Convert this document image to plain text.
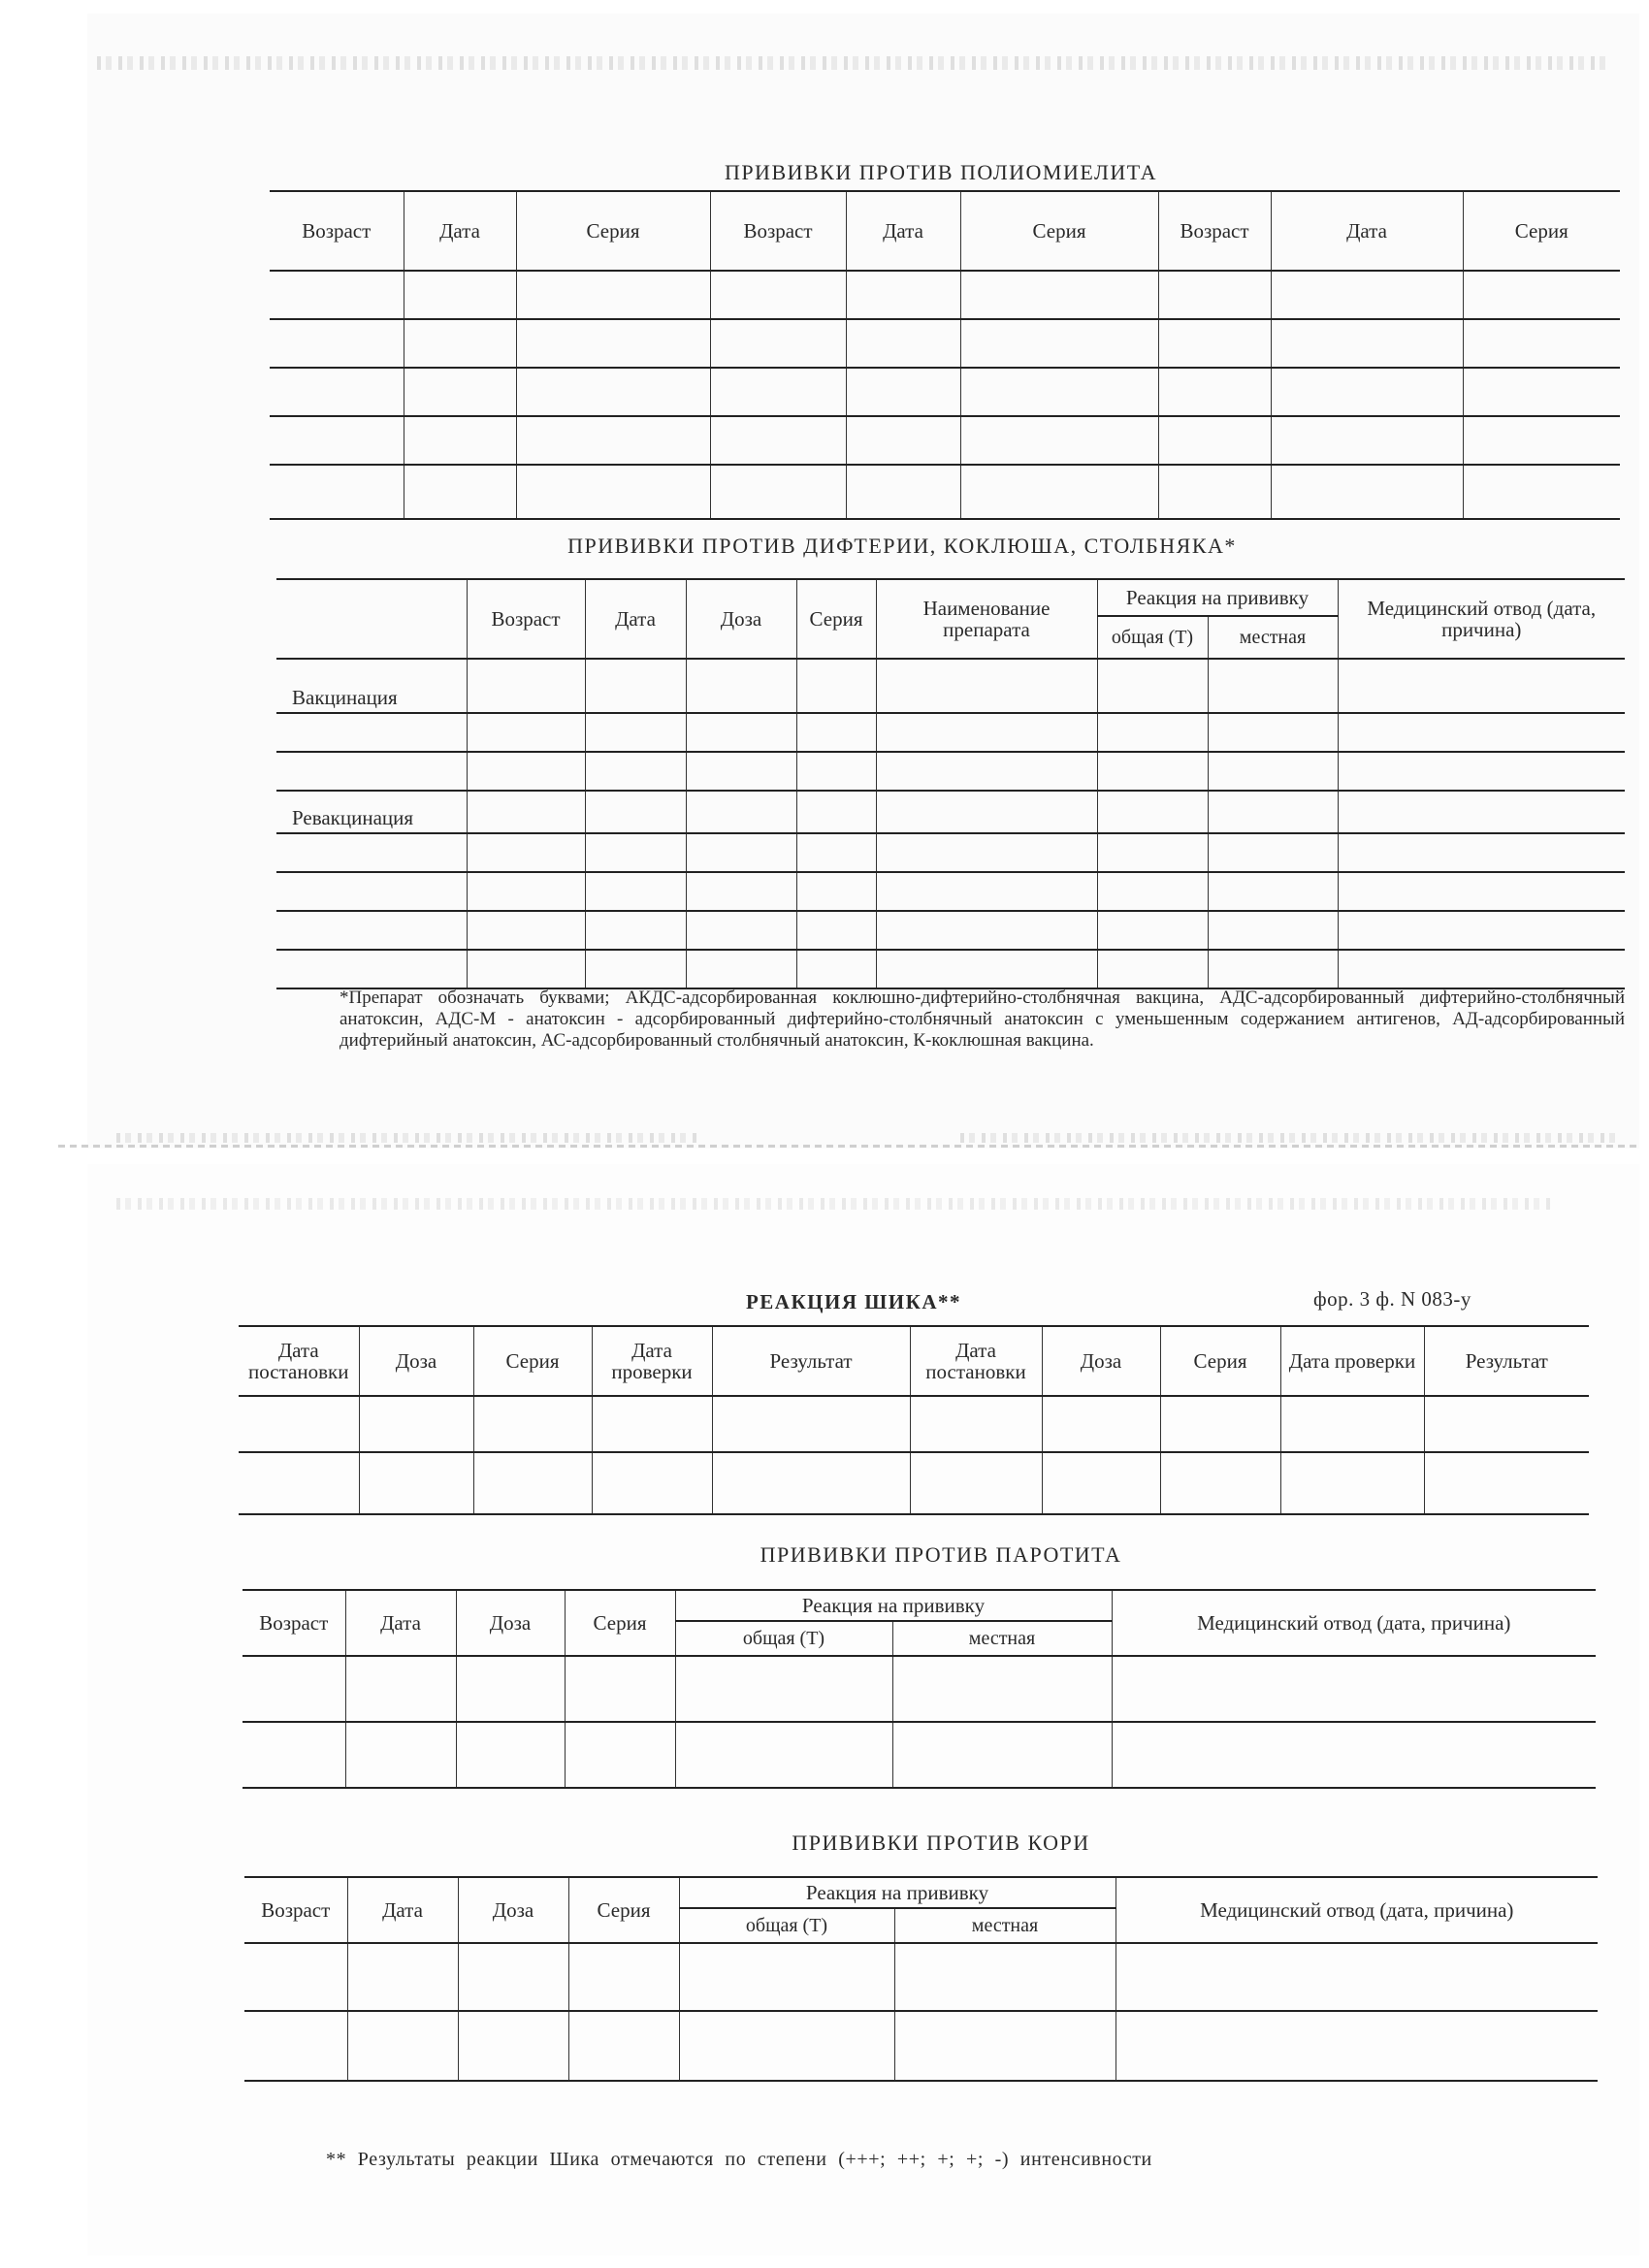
ПРИВИВКИ ПРОТИВ ПОЛИОМИЕЛИТА
Возраст	Дата	Серия	Возраст	Дата	Серия	Возраст	Дата	Серия

ПРИВИВКИ ПРОТИВ ДИФТЕРИИ, КОКЛЮША, СТОЛБНЯКА*
	Возраст	Дата	Доза	Серия	Наименование препарата	Реакция на прививку		Медицинский отвод (дата, причина)
						общая (Т)	местная	
Вакцинация								

Ревакцинация								

*Препарат обозначать буквами; АКДС-адсорбированная коклюшно-дифтерийно-столбнячная вакцина, АДС-адсорбированный дифтерийно-столбнячный анатоксин, АДС-М - анатоксин - адсорбированный дифтерийно-столбнячный анатоксин с уменьшенным содержанием антигенов, АД-адсорбированный дифтерийный анатоксин, АС-адсорбированный столбнячный анатоксин, К-коклюшная вакцина.
РЕАКЦИЯ ШИКА**	фор. 3 ф. N 083-у
Дата постановки	Доза	Серия	Дата проверки	Результат	Дата постановки	Доза	Серия	Дата проверки	Результат

ПРИВИВКИ ПРОТИВ ПАРОТИТА
Возраст	Дата	Доза	Серия	Реакция на прививку		Медицинский отвод (дата, причина)
				общая (Т)	местная	

ПРИВИВКИ ПРОТИВ КОРИ
Возраст	Дата	Доза	Серия	Реакция на прививку		Медицинский отвод (дата, причина)
				общая (Т)	местная	

** Результаты реакции Шика отмечаются по степени (+++; ++; +; +; -) интенсивности
